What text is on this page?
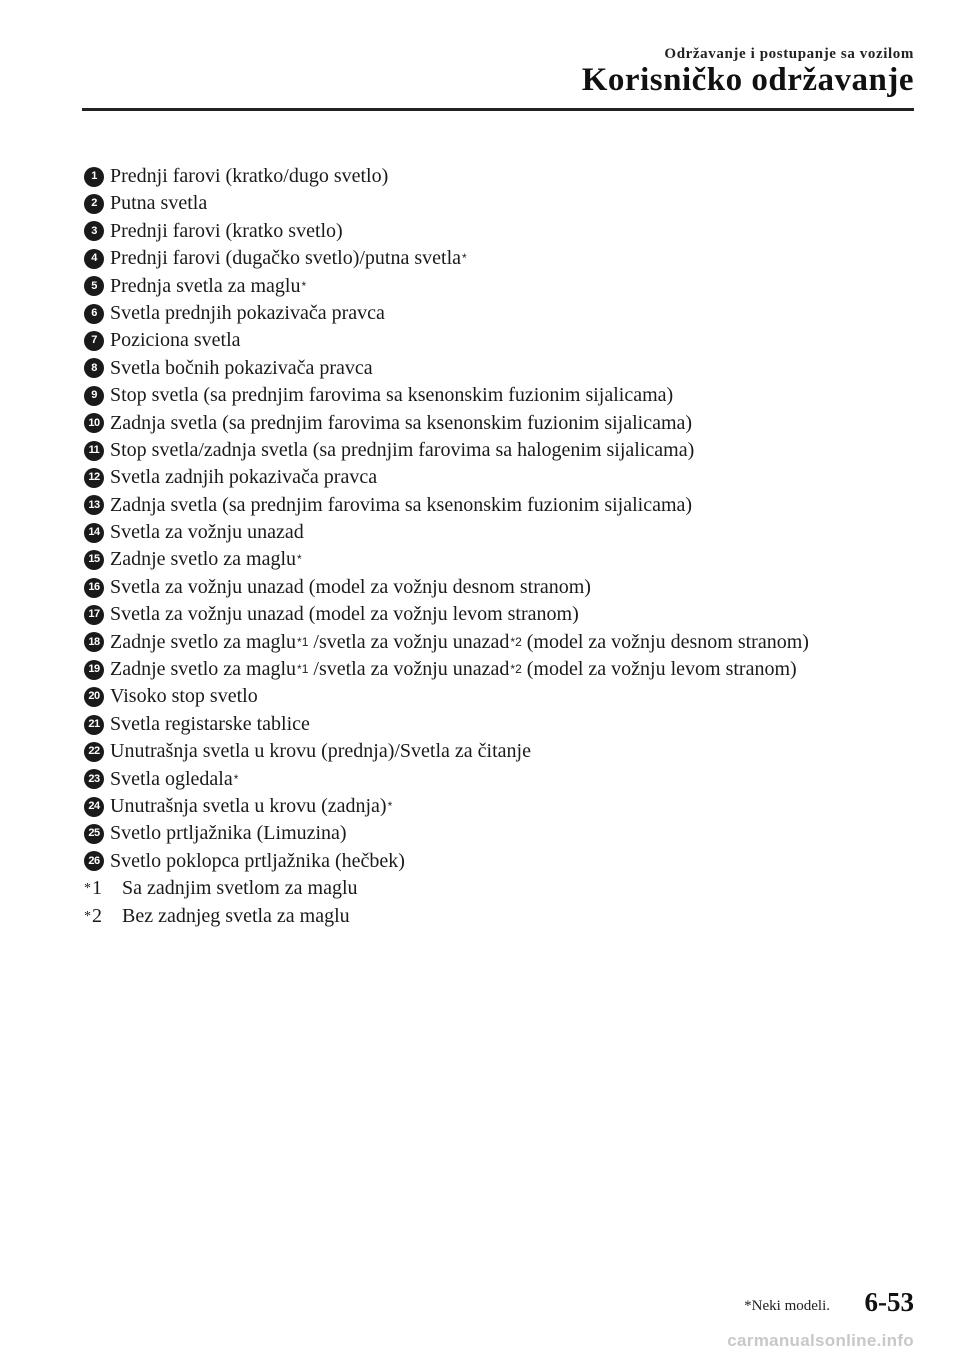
Održavanje i postupanje sa vozilom
Korisničko održavanje
1 Prednji farovi (kratko/dugo svetlo)
2 Putna svetla
3 Prednji farovi (kratko svetlo)
4 Prednji farovi (dugačko svetlo)/putna svetla *
5 Prednja svetla za maglu *
6 Svetla prednjih pokazivača pravca
7 Poziciona svetla
8 Svetla bočnih pokazivača pravca
9 Stop svetla (sa prednjim farovima sa ksenonskim fuzionim sijalicama)
10 Zadnja svetla (sa prednjim farovima sa ksenonskim fuzionim sijalicama)
11 Stop svetla/zadnja svetla (sa prednjim farovima sa halogenim sijalicama)
12 Svetla zadnjih pokazivača pravca
13 Zadnja svetla (sa prednjim farovima sa ksenonskim fuzionim sijalicama)
14 Svetla za vožnju unazad
15 Zadnje svetlo za maglu *
16 Svetla za vožnju unazad (model za vožnju desnom stranom)
17 Svetla za vožnju unazad (model za vožnju levom stranom)
18 Zadnje svetlo za maglu *1 /svetla za vožnju unazad *2 (model za vožnju desnom stranom)
19 Zadnje svetlo za maglu *1 /svetla za vožnju unazad *2 (model za vožnju levom stranom)
20 Visoko stop svetlo
21 Svetla registarske tablice
22 Unutrašnja svetla u krovu (prednja)/Svetla za čitanje
23 Svetla ogledala *
24 Unutrašnja svetla u krovu (zadnja) *
25 Svetlo prtljažnika (Limuzina)
26 Svetlo poklopca prtljažnika (hečbek)
* 1	Sa zadnjim svetlom za maglu
* 2	Bez zadnjeg svetla za maglu
*Neki modeli. 6-53
carmanualsonline.info
